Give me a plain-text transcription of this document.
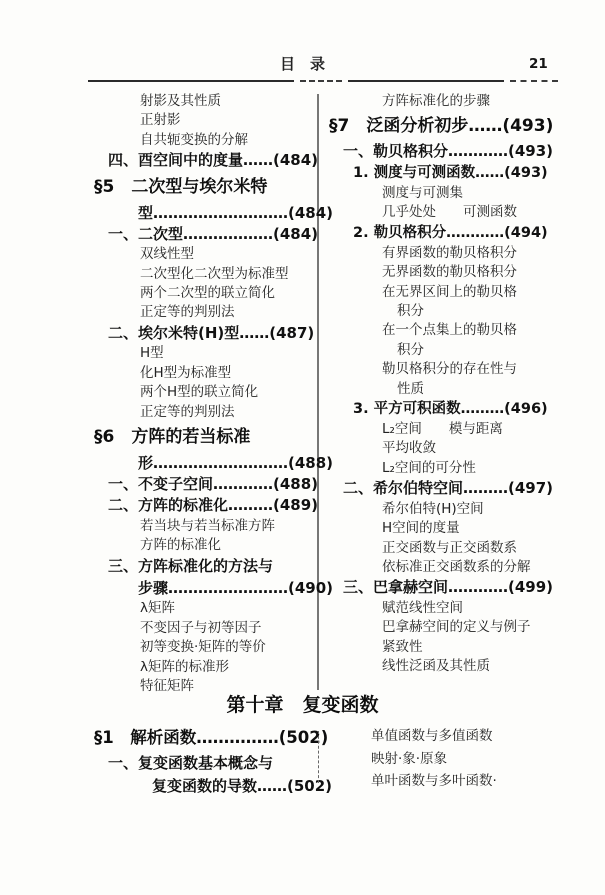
目　录	21
射影及其性质
正射影
自共轭变换的分解
四、酉空间中的度量……(484)
§5　二次型与埃尔米特
型………………………(484)
一、二次型………………(484)
双线性型
二次型化二次型为标准型
两个二次型的联立简化
正定等的判别法
二、埃尔米特(H)型……(487)
H型
化H型为标准型
两个H型的联立简化
正定等的判别法
§6　方阵的若当标准
形………………………(488)
一、不变子空间…………(488)
二、方阵的标准化………(489)
若当块与若当标准方阵
方阵的标准化
三、方阵标准化的方法与
步骤……………………(490)
λ矩阵
不变因子与初等因子
初等变换·矩阵的等价
λ矩阵的标准形
特征矩阵
方阵标准化的步骤
§7　泛函分析初步……(493)
一、勒贝格积分…………(493)
1. 测度与可测函数……(493)
测度与可测集
几乎处处　　可测函数
2. 勒贝格积分…………(494)
有界函数的勒贝格积分
无界函数的勒贝格积分
在无界区间上的勒贝格
积分
在一个点集上的勒贝格
积分
勒贝格积分的存在性与
性质
3. 平方可积函数………(496)
L₂空间　　模与距离
平均收敛
L₂空间的可分性
二、希尔伯特空间………(497)
希尔伯特(H)空间
H空间的度量
正交函数与正交函数系
依标准正交函数系的分解
三、巴拿赫空间…………(499)
赋范线性空间
巴拿赫空间的定义与例子
紧致性
线性泛函及其性质
第十章　复变函数
§1　解析函数……………(502)
一、复变函数基本概念与
复变函数的导数……(502)
单值函数与多值函数
映射·象·原象
单叶函数与多叶函数·
